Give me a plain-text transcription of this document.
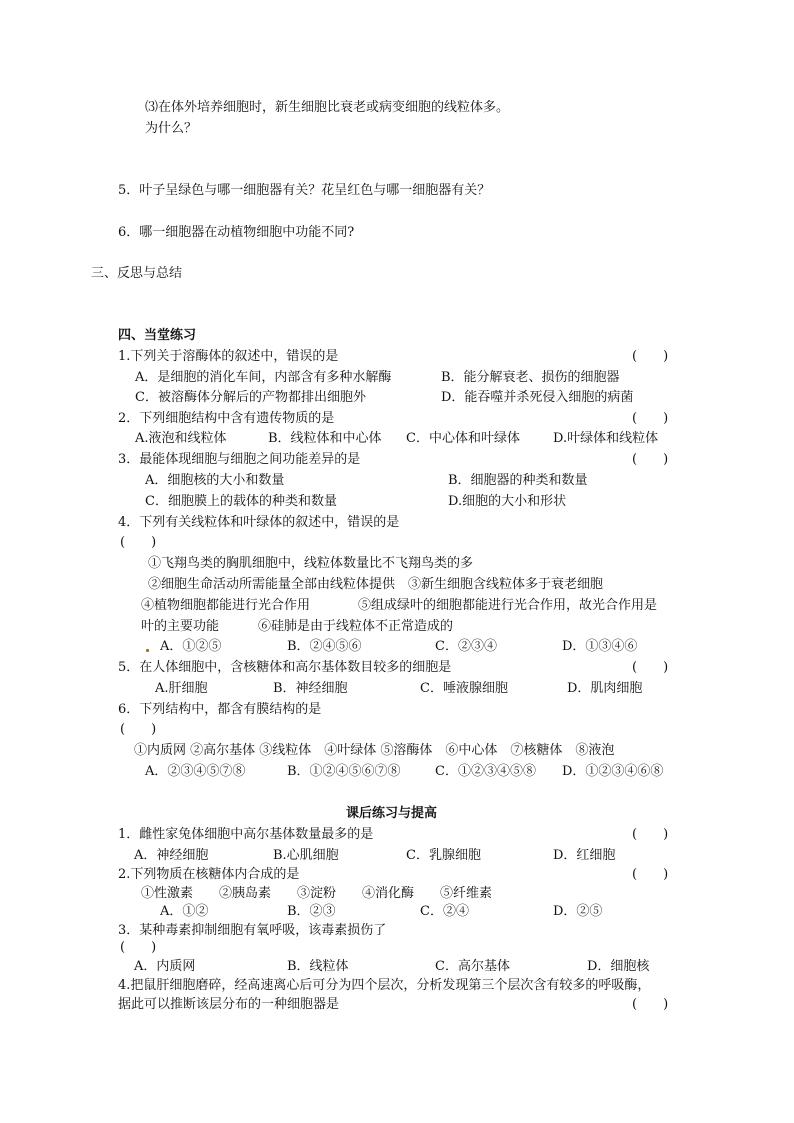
⑶在体外培养细胞时，新生细胞比衰老或病变细胞的线粒体多。
为什么？
5．叶子呈绿色与哪一细胞器有关？花呈红色与哪一细胞器有关？
6．哪一细胞器在动植物细胞中功能不同?
三、反思与总结
四、当堂练习
1.下列关于溶酶体的叙述中，错误的是	(　　)
A．是细胞的消化车间，内部含有多种水解酶	B．能分解衰老、损伤的细胞器
C．被溶酶体分解后的产物都排出细胞外	D．能吞噬并杀死侵入细胞的病菌
2．下列细胞结构中含有遗传物质的是	(　　)
A.液泡和线粒体	B．线粒体和中心体 C．中心体和叶绿体	D.叶绿体和线粒体
3．最能体现细胞与细胞之间功能差异的是	(　　)
A．细胞核的大小和数量	B．细胞器的种类和数量
C．细胞膜上的载体的种类和数量	D.细胞的大小和形状
4．下列有关线粒体和叶绿体的叙述中，错误的是
(　　)
①飞翔鸟类的胸肌细胞中，线粒体数量比不飞翔鸟类的多
②细胞生命活动所需能量全部由线粒体提供　③新生细胞含线粒体多于衰老细胞
④植物细胞都能进行光合作用	⑤组成绿叶的细胞都能进行光合作用，故光合作用是
叶的主要功能	⑥硅肺是由于线粒体不正常造成的
A．①②⑤	B．②④⑤⑥	C．②③④	D．①③④⑥
5．在人体细胞中，含核糖体和高尔基体数目较多的细胞是	(　　)
A.肝细胞	B．神经细胞	C．唾液腺细胞	D．肌肉细胞
6．下列结构中，都含有膜结构的是
(　　)
①内质网 ②高尔基体 ③线粒体　④叶绿体 ⑤溶酶体　⑥中心体　⑦核糖体　⑧液泡
A．②③④⑤⑦⑧	B．①②④⑤⑥⑦⑧	C．①②③④⑤⑧ D．①②③④⑥⑧
课后练习与提高
1．雌性家兔体细胞中高尔基体数量最多的是	(　　)
A．神经细胞	B.心肌细胞	C．乳腺细胞	D．红细胞
2.下列物质在核糖体内合成的是	(　　)
①性激素　　②胰岛素　　③淀粉　　④消化酶　　⑤纤维素
A．①②	B．②③	C．②④	D．②⑤
3．某种毒素抑制细胞有氧呼吸，该毒素损伤了
(　　)
A．内质网	B．线粒体	C．高尔基体	D．细胞核
4.把鼠肝细胞磨碎，经高速离心后可分为四个层次，分析发现第三个层次含有较多的呼吸酶，
据此可以推断该层分布的一种细胞器是	(　　)
